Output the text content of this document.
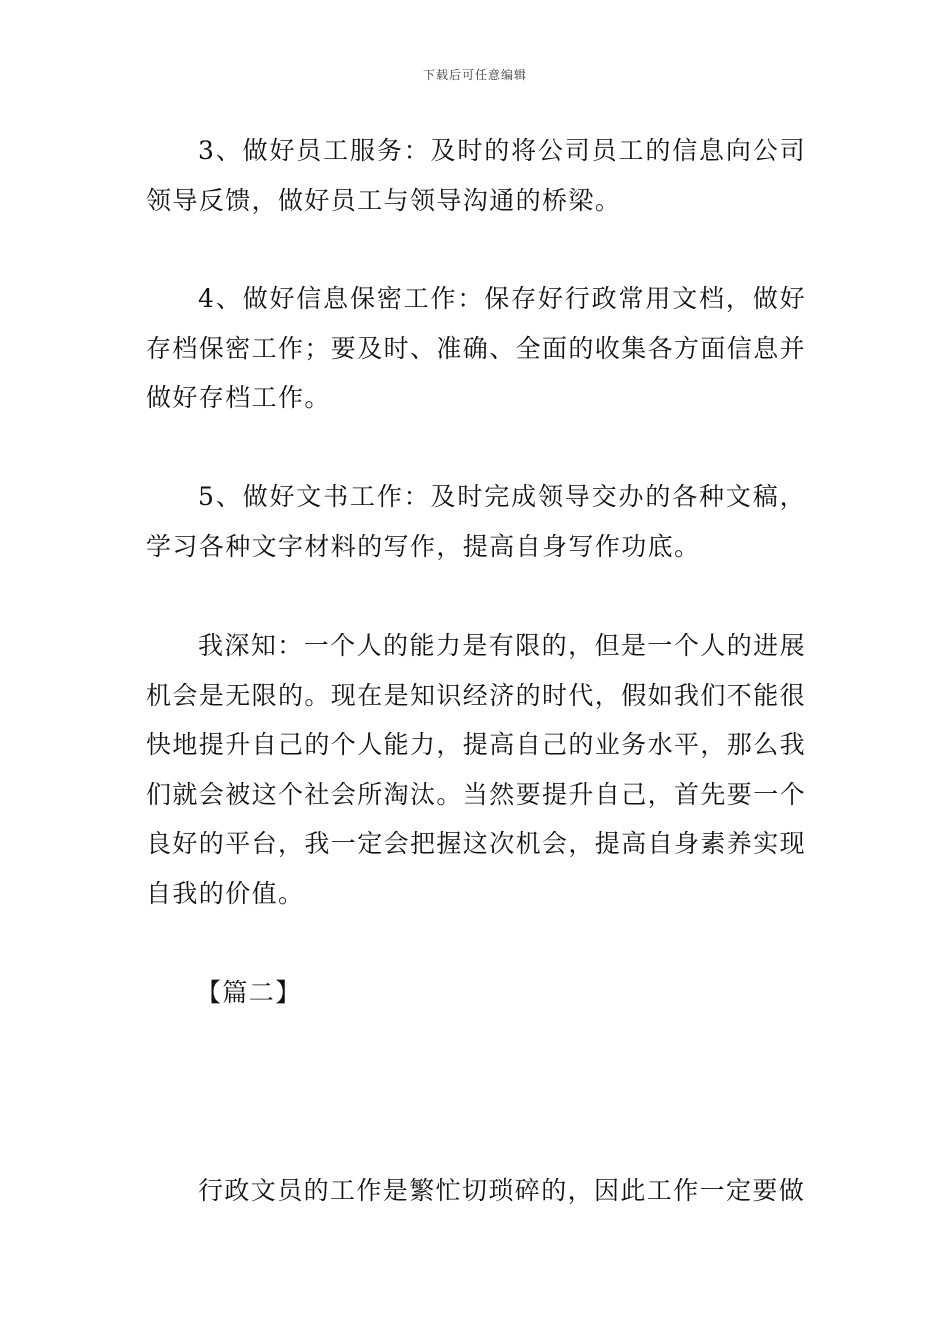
下载后可任意编辑

3、做好员工服务：及时的将公司员工的信息向公司领导反馈，做好员工与领导沟通的桥梁。

4、做好信息保密工作：保存好行政常用文档，做好存档保密工作；要及时、准确、全面的收集各方面信息并做好存档工作。

5、做好文书工作：及时完成领导交办的各种文稿，学习各种文字材料的写作，提高自身写作功底。

我深知：一个人的能力是有限的，但是一个人的进展机会是无限的。现在是知识经济的时代，假如我们不能很快地提升自己的个人能力，提高自己的业务水平，那么我们就会被这个社会所淘汰。当然要提升自己，首先要一个良好的平台，我一定会把握这次机会，提高自身素养实现自我的价值。

【篇二】

行政文员的工作是繁忙切琐碎的，因此工作一定要做
